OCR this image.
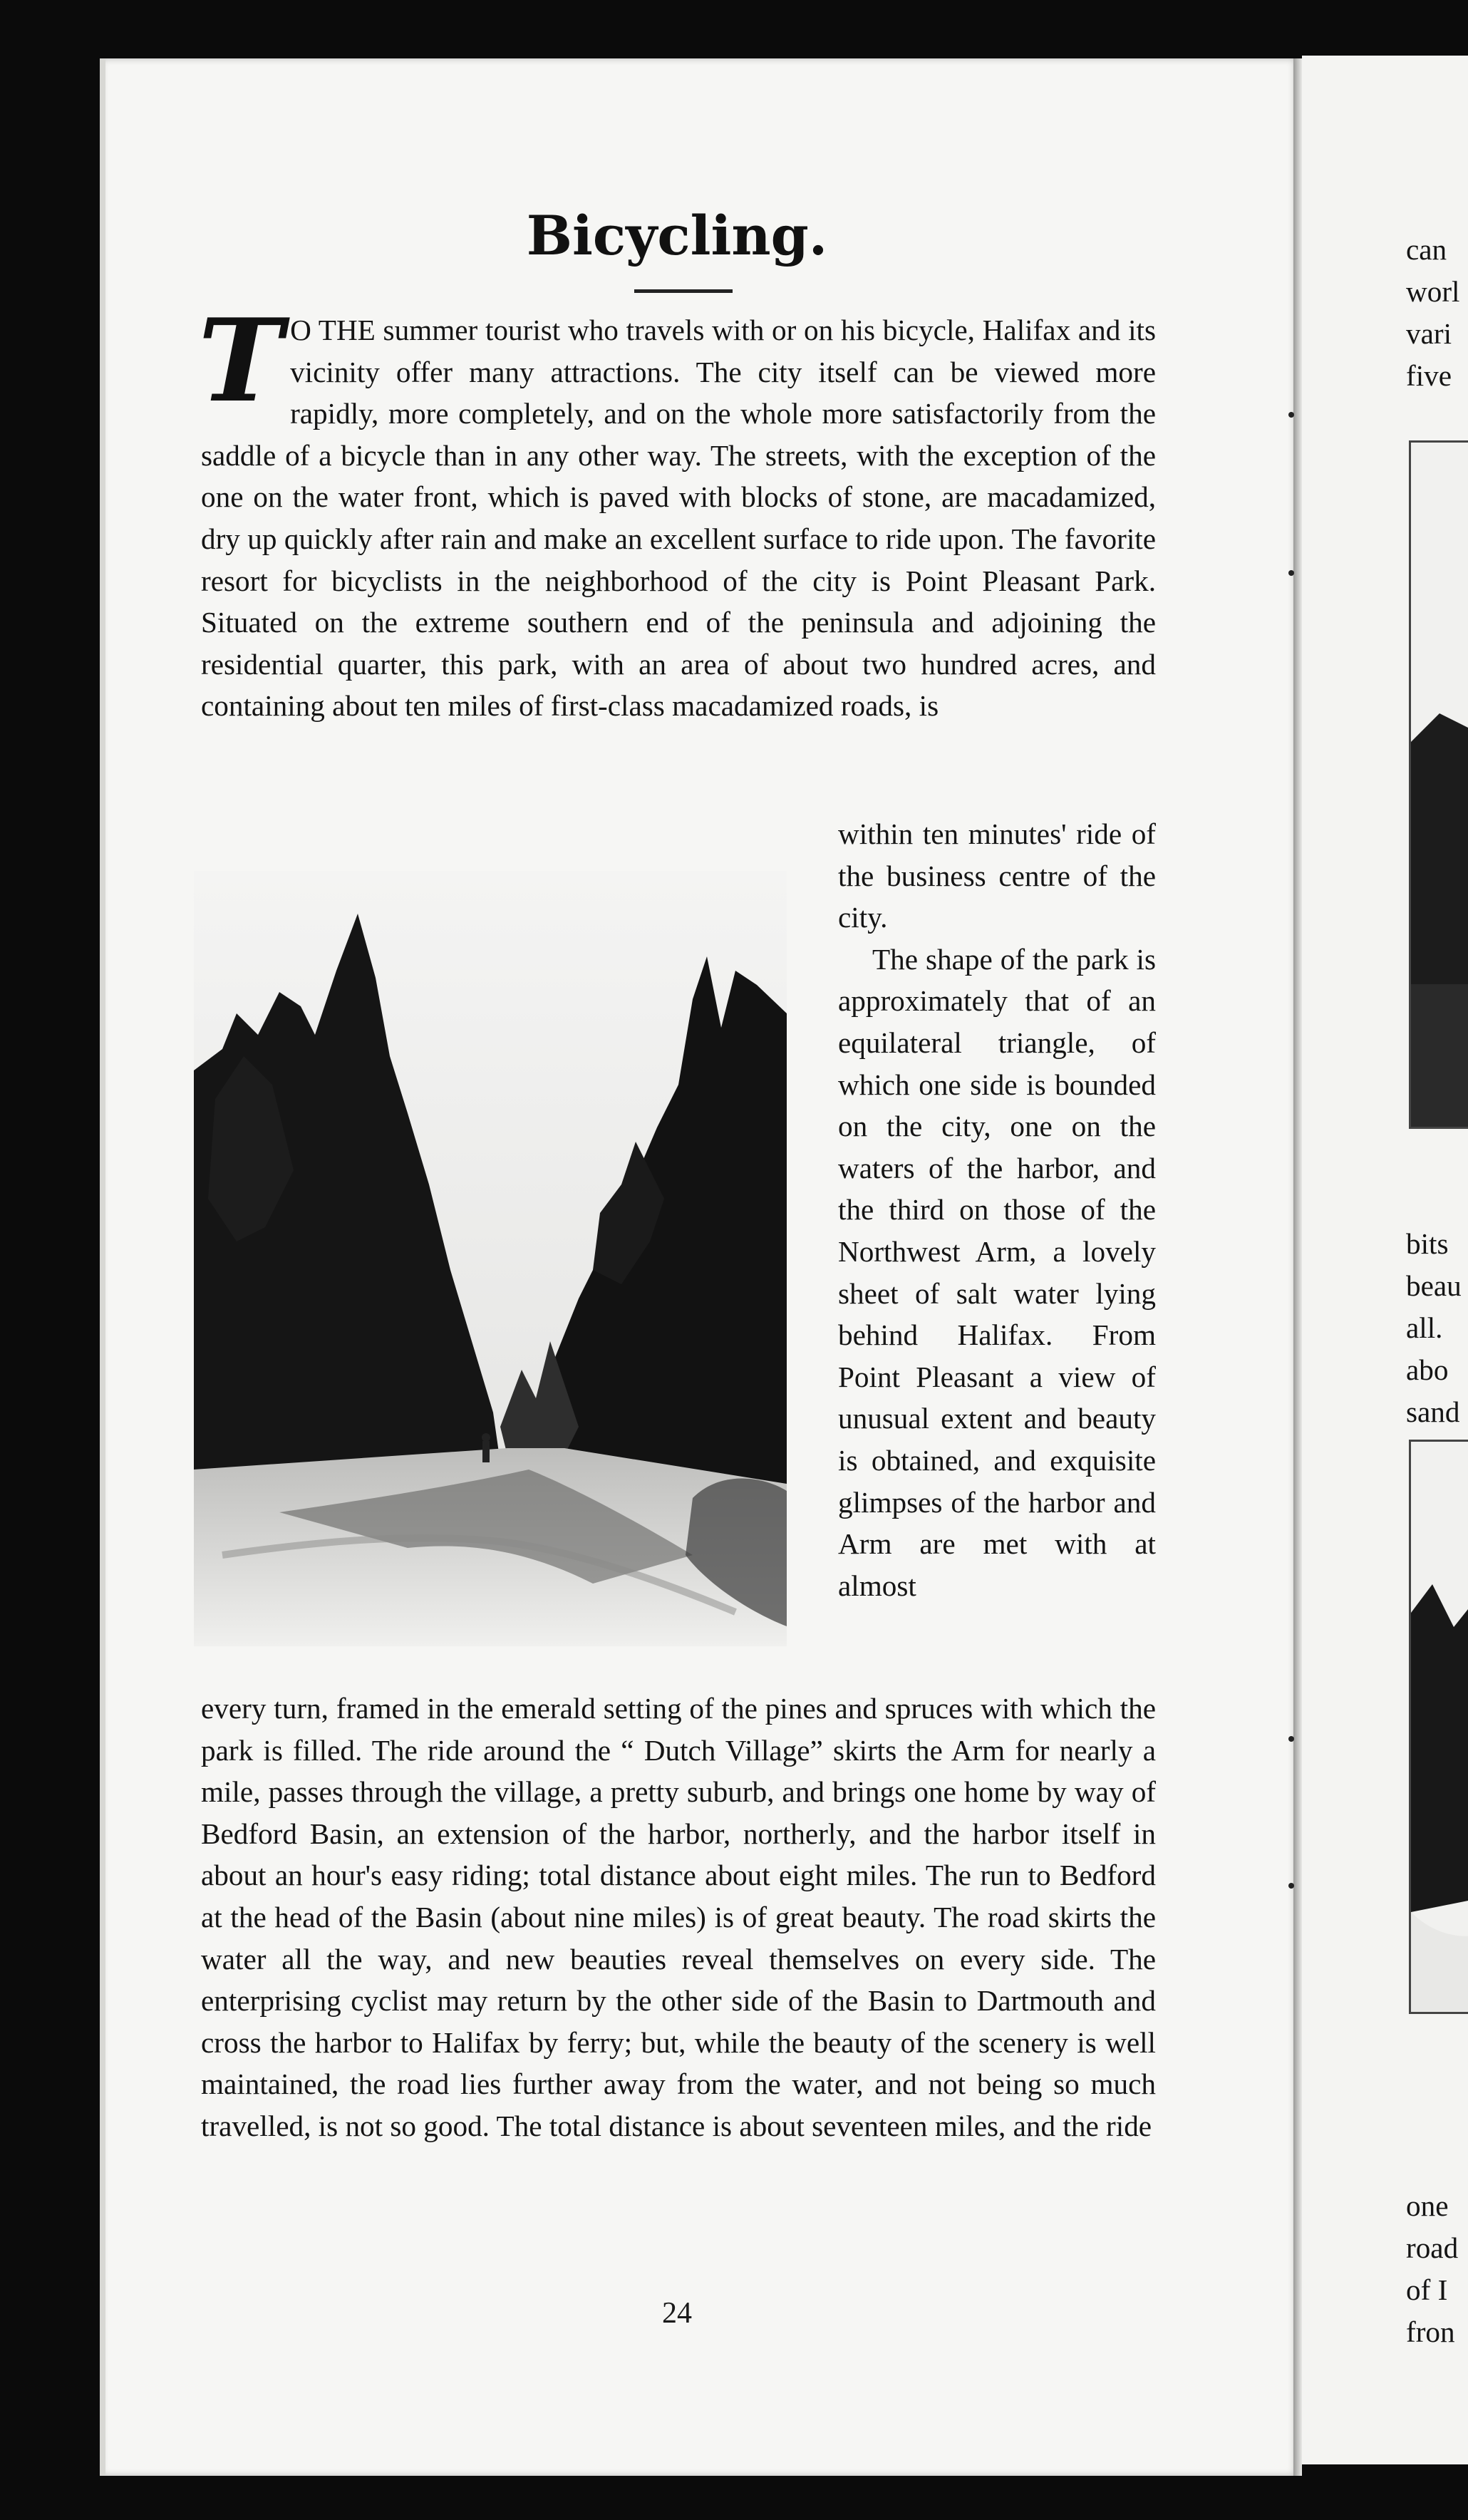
Bicycling.

T O THE summer tourist who travels with or on his bicycle, Halifax and its vicinity offer many attractions. The city itself can be viewed more rapidly, more completely, and on the whole more satisfactorily from the saddle of a bicycle than in any other way. The streets, with the exception of the one on the water front, which is paved with blocks of stone, are macadamized, dry up quickly after rain and make an excellent surface to ride upon. The favorite resort for bicyclists in the neighborhood of the city is Point Pleasant Park. Situated on the extreme southern end of the peninsula and adjoining the residential quarter, this park, with an area of about two hundred acres, and containing about ten miles of first-class macadamized roads, is

within ten minutes' ride of the business centre of the city.

The shape of the park is approximately that of an equilateral triangle, of which one side is bounded on the city, one on the waters of the harbor, and the third on those of the Northwest Arm, a lovely sheet of salt water lying behind Halifax. From Point Pleasant a view of unusual extent and beauty is obtained, and exquisite glimpses of the harbor and Arm are met with at almost

every turn, framed in the emerald setting of the pines and spruces with which the park is filled. The ride around the “ Dutch Village” skirts the Arm for nearly a mile, passes through the village, a pretty suburb, and brings one home by way of Bedford Basin, an extension of the harbor, northerly, and the harbor itself in about an hour's easy riding; total distance about eight miles. The run to Bedford at the head of the Basin (about nine miles) is of great beauty. The road skirts the water all the way, and new beauties reveal themselves on every side. The enterprising cyclist may return by the other side of the Basin to Dartmouth and cross the harbor to Halifax by ferry; but, while the beauty of the scenery is well maintained, the road lies further away from the water, and not being so much travelled, is not so good. The total distance is about seventeen miles, and the ride

24

can

worl

vari

five

bits

beau

all.

abo

sand

one

road

of I

fron
